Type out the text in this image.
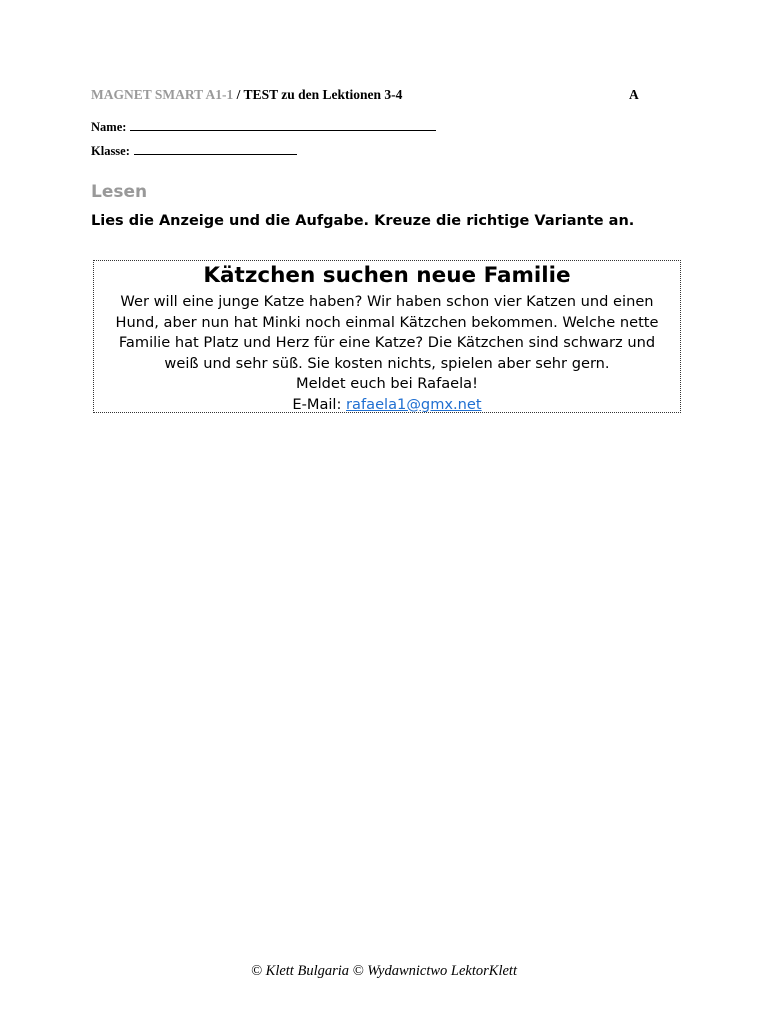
MAGNET SMART A1-1 / TEST zu den Lektionen 3-4	A
Name:
Klasse:
Lesen
Lies die Anzeige und die Aufgabe. Kreuze die richtige Variante an.
Kätzchen suchen neue Familie
Wer will eine junge Katze haben? Wir haben schon vier Katzen und einen
Hund, aber nun hat Minki noch einmal Kätzchen bekommen. Welche nette
Familie hat Platz und Herz für eine Katze? Die Kätzchen sind schwarz und
weiß und sehr süß. Sie kosten nichts, spielen aber sehr gern.
Meldet euch bei Rafaela!
E-Mail: rafaela1@gmx.net
© Klett Bulgaria © Wydawnictwo LektorKlett
